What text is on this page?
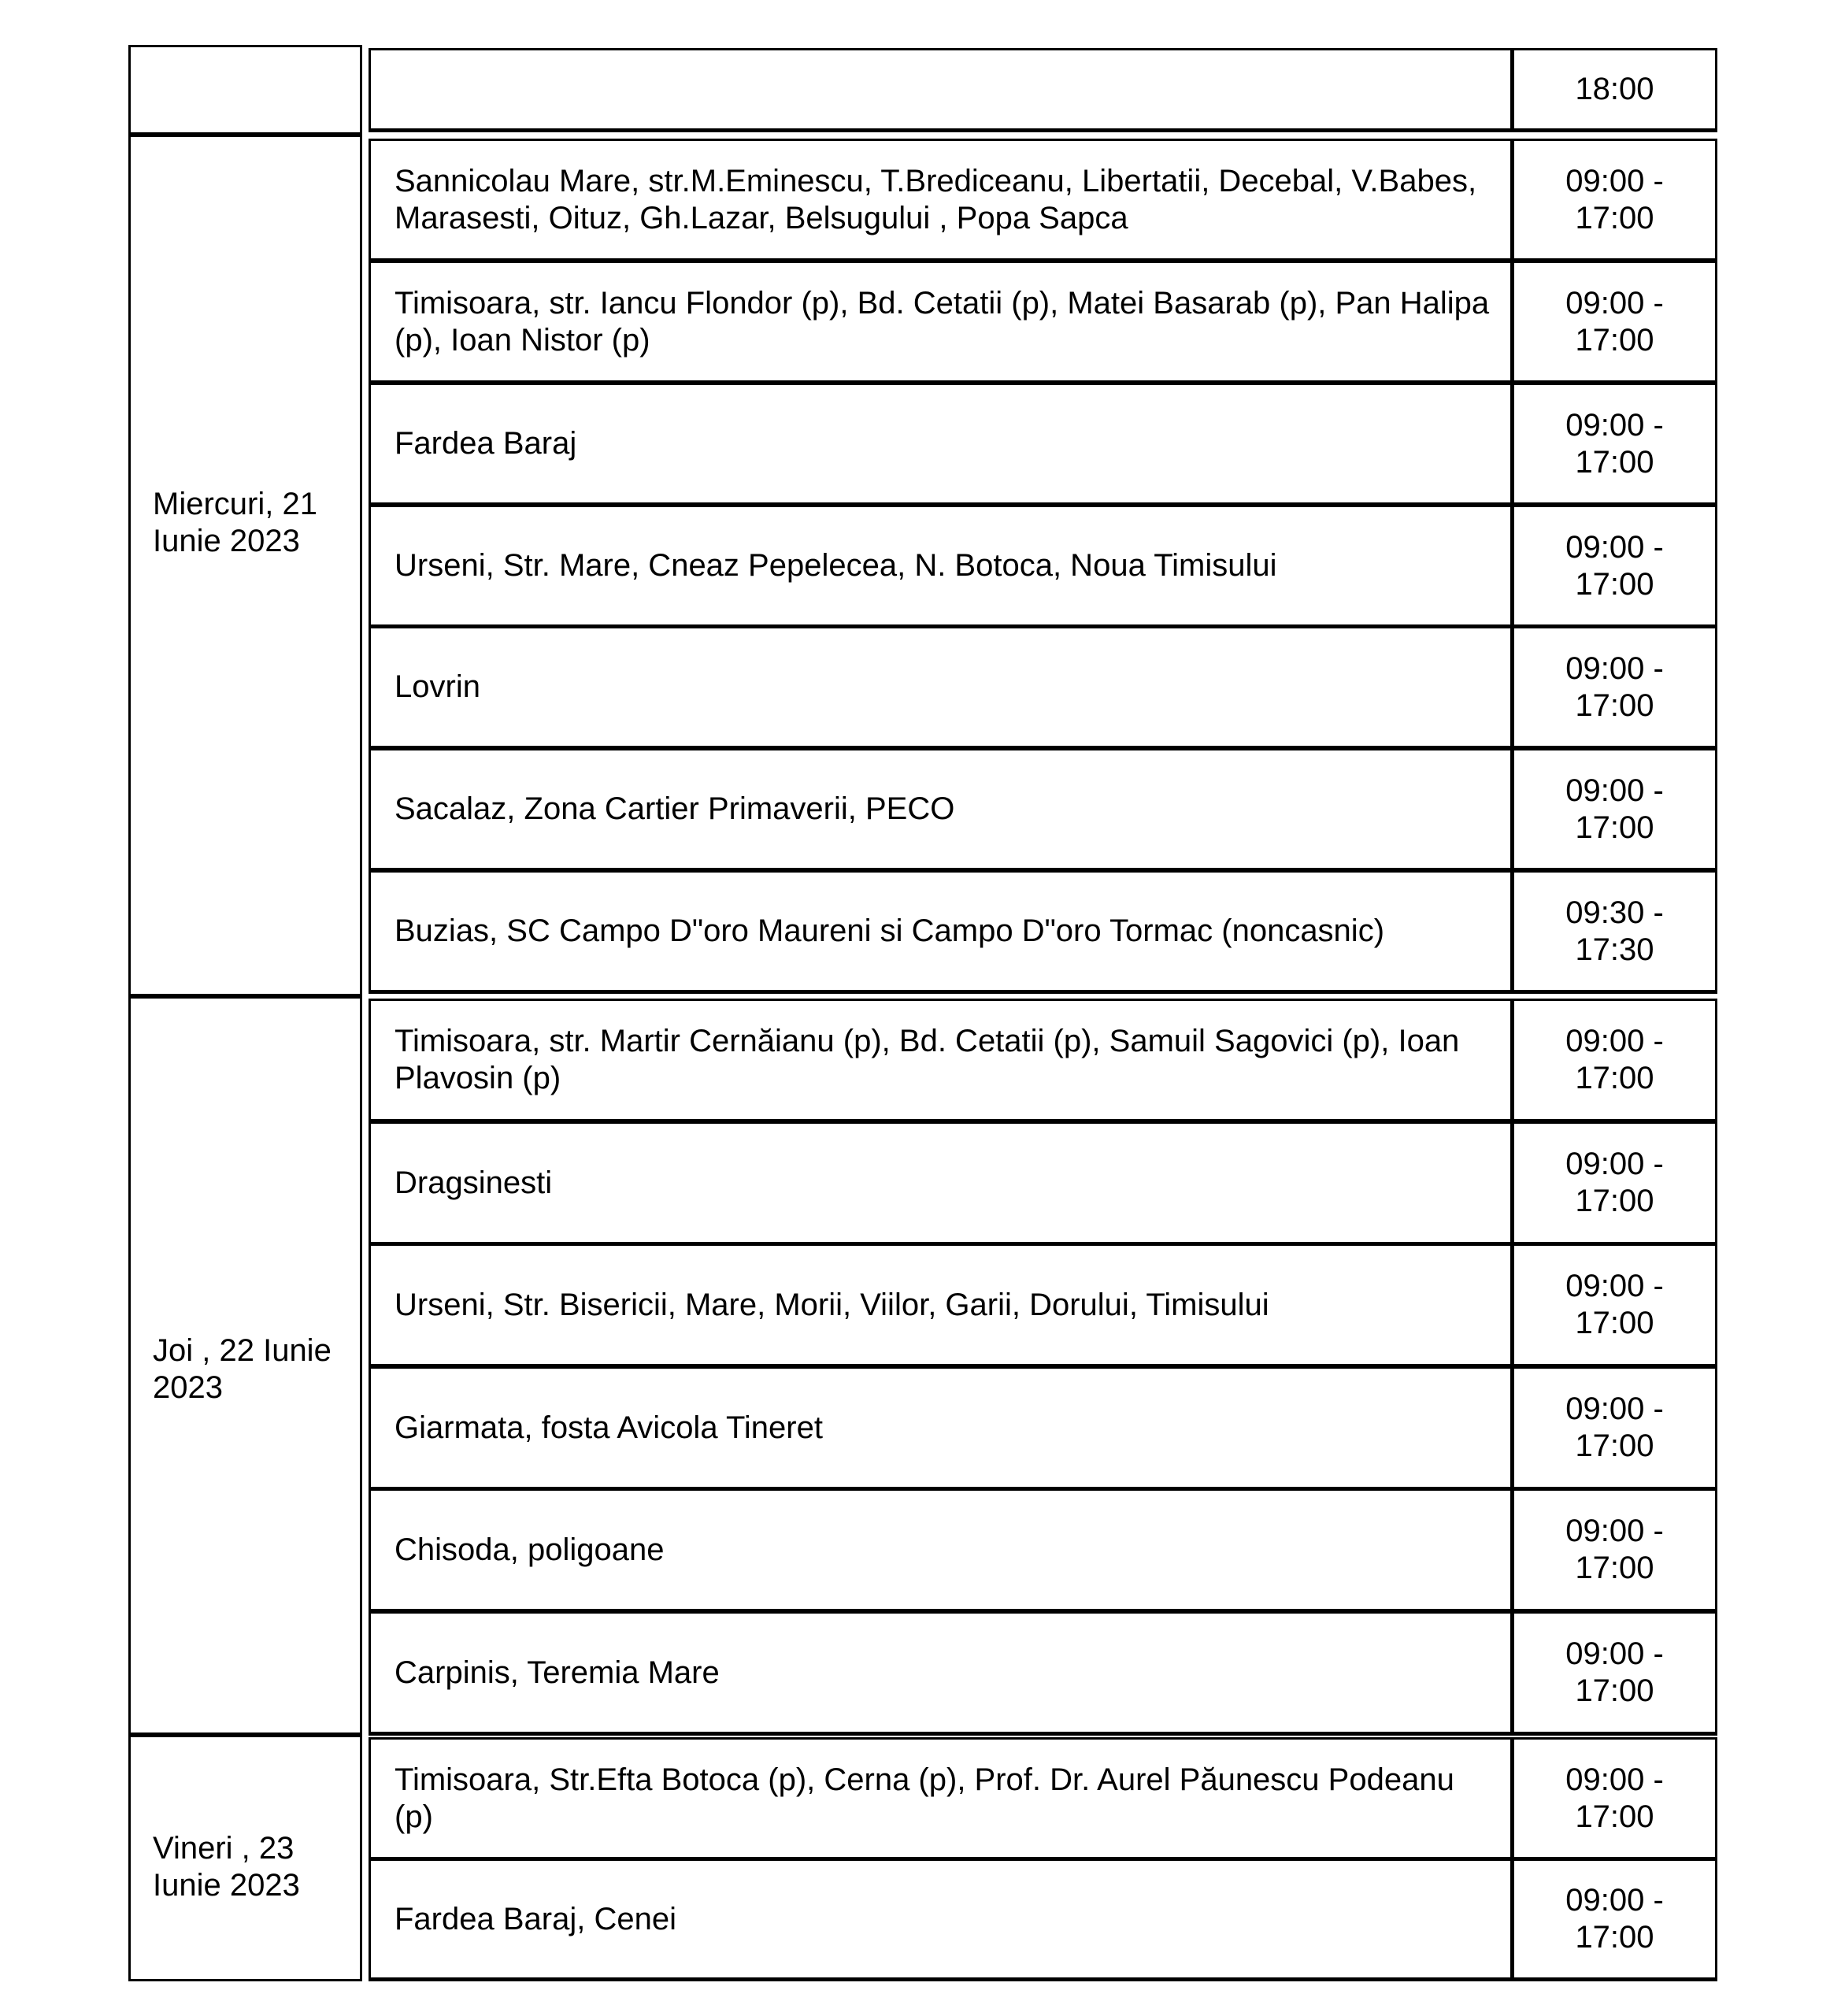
18:00
Miercuri, 21 Iunie 2023
Sannicolau Mare, str.M.Eminescu, T.Brediceanu, Libertatii, Decebal, V.Babes, Marasesti, Oituz, Gh.Lazar, Belsugului , Popa Sapca
09:00 - 17:00
Timisoara, str. Iancu Flondor (p), Bd. Cetatii (p), Matei Basarab (p), Pan Halipa (p), Ioan Nistor (p)
09:00 - 17:00
Fardea Baraj
09:00 - 17:00
Urseni, Str. Mare, Cneaz Pepelecea, N. Botoca, Noua Timisului
09:00 - 17:00
Lovrin
09:00 - 17:00
Sacalaz, Zona Cartier Primaverii, PECO
09:00 - 17:00
Buzias, SC Campo D"oro Maureni si Campo D"oro Tormac (noncasnic)
09:30 - 17:30
Joi , 22 Iunie 2023
Timisoara, str. Martir Cernăianu (p), Bd. Cetatii (p), Samuil Sagovici (p), Ioan Plavosin (p)
09:00 - 17:00
Dragsinesti
09:00 - 17:00
Urseni, Str. Bisericii, Mare, Morii, Viilor, Garii, Dorului, Timisului
09:00 - 17:00
Giarmata, fosta Avicola Tineret
09:00 - 17:00
Chisoda, poligoane
09:00 - 17:00
Carpinis, Teremia Mare
09:00 - 17:00
Vineri , 23 Iunie 2023
Timisoara, Str.Efta Botoca (p), Cerna (p), Prof. Dr. Aurel Păunescu Podeanu (p)
09:00 - 17:00
Fardea Baraj, Cenei
09:00 - 17:00
